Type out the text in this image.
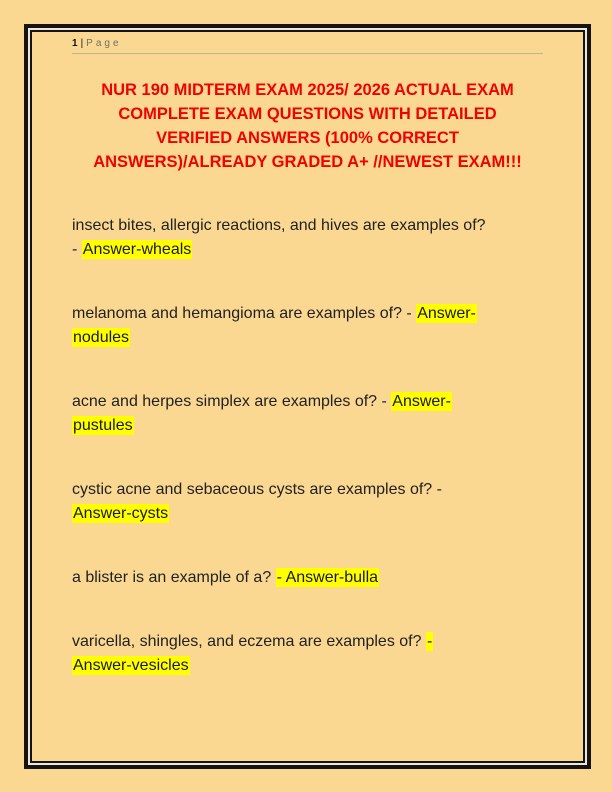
1 | Page
NUR 190 MIDTERM EXAM 2025/ 2026 ACTUAL EXAM
COMPLETE EXAM QUESTIONS WITH DETAILED
VERIFIED ANSWERS (100% CORRECT
ANSWERS)/ALREADY GRADED A+ //NEWEST EXAM!!!

insect bites, allergic reactions, and hives are examples of?
- Answer-wheals

melanoma and hemangioma are examples of? - Answer-
nodules

acne and herpes simplex are examples of? - Answer-
pustules

cystic acne and sebaceous cysts are examples of? -
Answer-cysts

a blister is an example of a? - Answer-bulla

varicella, shingles, and eczema are examples of? -
Answer-vesicles
